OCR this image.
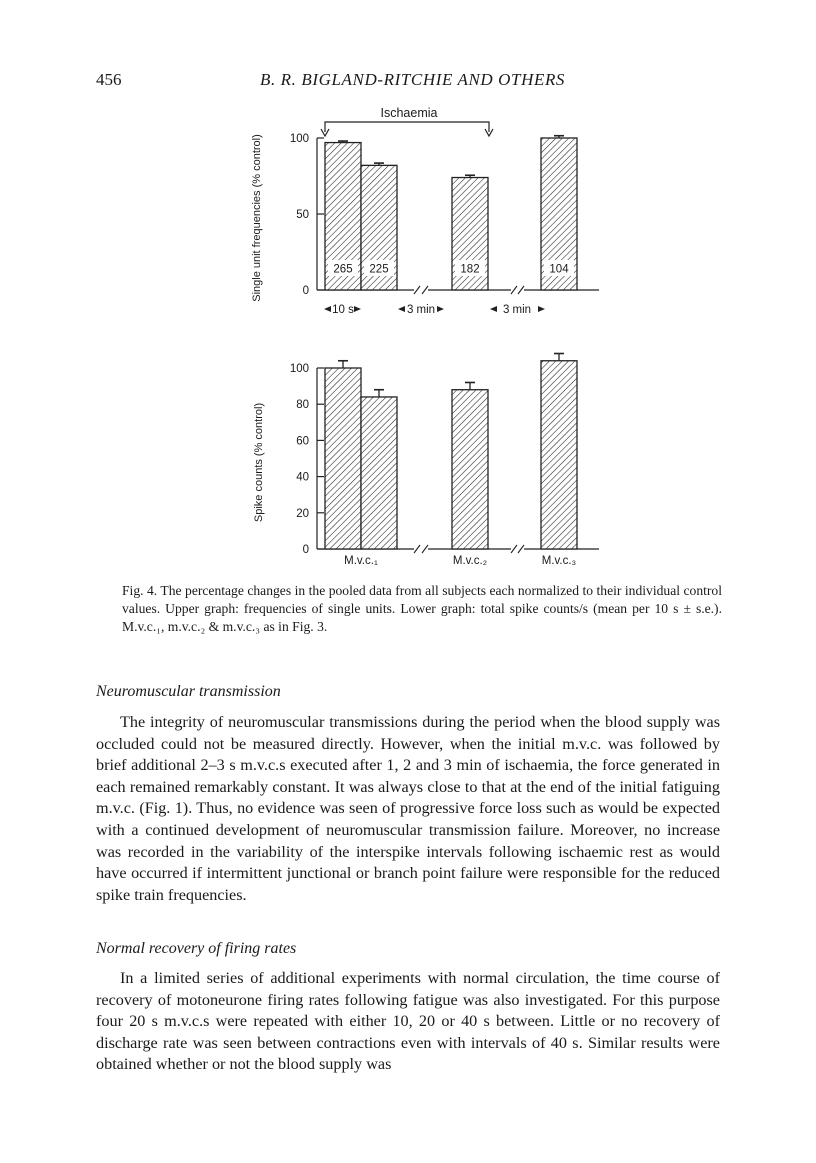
456	B. R. BIGLAND-RITCHIE AND OTHERS
0
50
100
Single unit frequencies (% control)	265 225	182	104
Ischaemia
10 s	3 min	3 min
0
20
40
60
80
100
Spike counts (% control)
M.v.c.₁	M.v.c.₂	M.v.c.₃
Fig. 4. The percentage changes in the pooled data from all subjects each normalized to their individual control values. Upper graph: frequencies of single units. Lower graph: total spike counts/s (mean per 10 s ± s.e.). M.v.c.₁, m.v.c.₂ & m.v.c.₃ as in Fig. 3.
Neuromuscular transmission

The integrity of neuromuscular transmissions during the period when the blood supply was occluded could not be measured directly. However, when the initial m.v.c. was followed by brief additional 2–3 s m.v.c.s executed after 1, 2 and 3 min of ischaemia, the force generated in each remained remarkably constant. It was always close to that at the end of the initial fatiguing m.v.c. (Fig. 1). Thus, no evidence was seen of progressive force loss such as would be expected with a continued development of neuromuscular transmission failure. Moreover, no increase was recorded in the variability of the interspike intervals following ischaemic rest as would have occurred if intermittent junctional or branch point failure were responsible for the reduced spike train frequencies.

Normal recovery of firing rates

In a limited series of additional experiments with normal circulation, the time course of recovery of motoneurone firing rates following fatigue was also investigated. For this purpose four 20 s m.v.c.s were repeated with either 10, 20 or 40 s between. Little or no recovery of discharge rate was seen between contractions even with intervals of 40 s. Similar results were obtained whether or not the blood supply was
